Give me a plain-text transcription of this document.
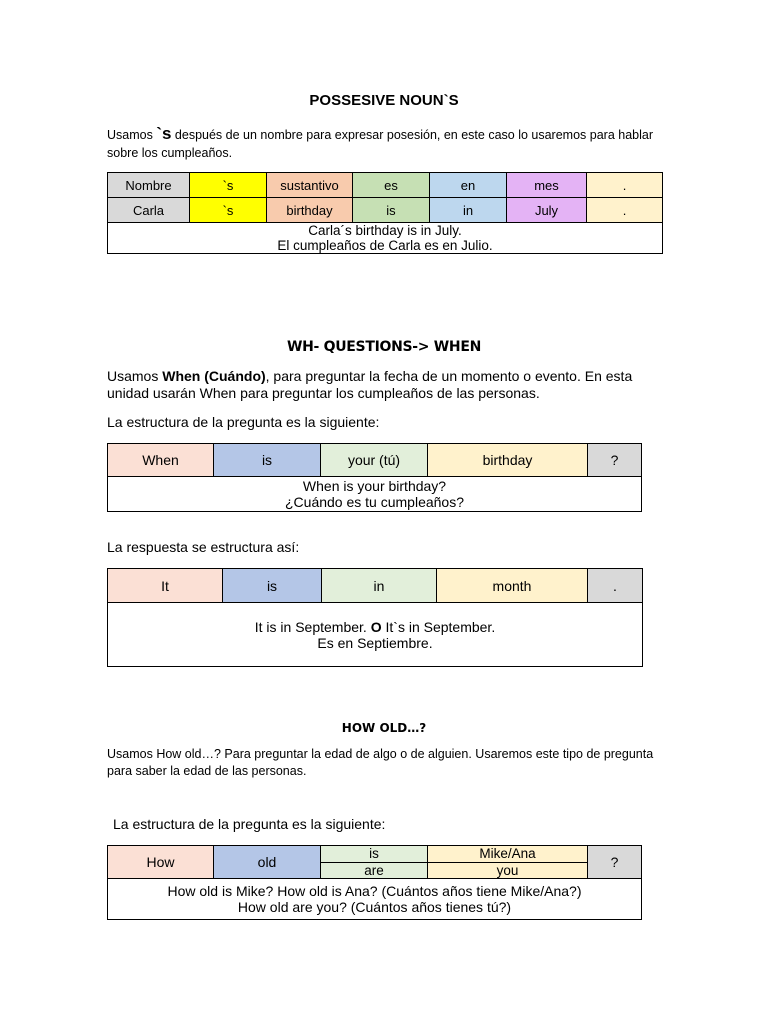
POSSESIVE NOUN`S
Usamos `s después de un nombre para expresar posesión, en este caso lo usaremos para hablar sobre los cumpleaños.
Nombre	`s	sustantivo	es	en	mes	.
Carla	`s	birthday	is	in	July	.

Carla´s birthday is in July.
El cumpleaños de Carla es en Julio.						
WH- QUESTIONS-> WHEN
Usamos When (Cuándo), para preguntar la fecha de un momento o evento. En esta unidad usarán When para preguntar los cumpleaños de las personas.
La estructura de la pregunta es la siguiente:
When	is	your (tú)	birthday	?

When is your birthday?
¿Cuándo es tu cumpleaños?
La respuesta se estructura así:
It	is	in	month	.

It is in September. O It`s in September.
Es en Septiembre.
HOW OLD…?
Usamos How old…? Para preguntar la edad de algo o de alguien. Usaremos este tipo de pregunta para saber la edad de las personas.
La estructura de la pregunta es la siguiente:
How	old	is	Mike/Ana	?
		are	you	

How old is Mike? How old is Ana? (Cuántos años tiene Mike/Ana?)
How old are you? (Cuántos años tienes tú?)				
